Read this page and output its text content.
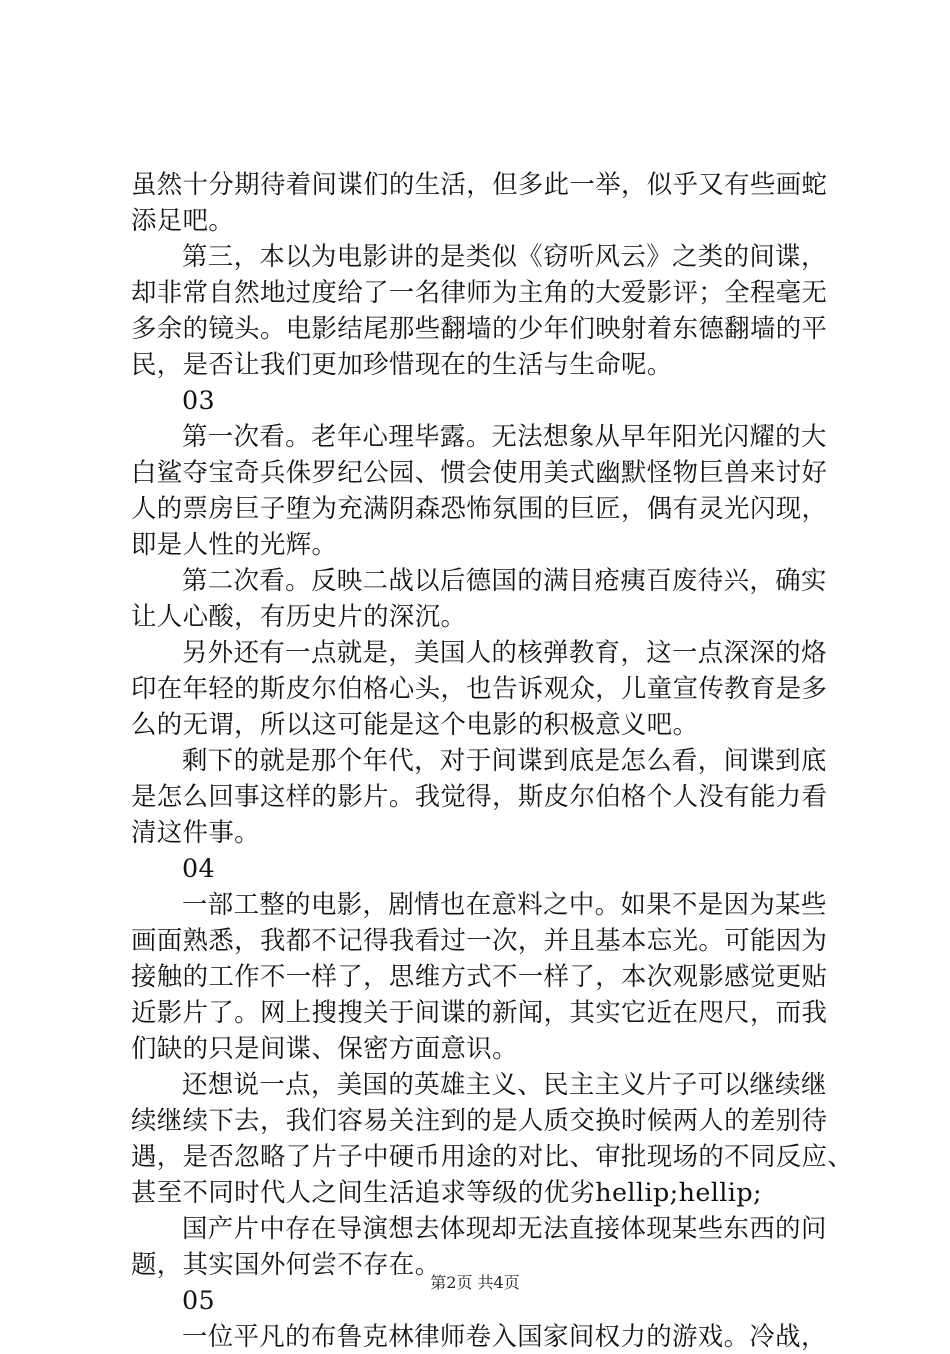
虽然十分期待着间谍们的生活，但多此一举，似乎又有些画蛇
添足吧。
第三，本以为电影讲的是类似《窃听风云》之类的间谍，
却非常自然地过度给了一名律师为主角的大爱影评；全程毫无
多余的镜头。电影结尾那些翻墙的少年们映射着东德翻墙的平
民，是否让我们更加珍惜现在的生活与生命呢。
03
第一次看。老年心理毕露。无法想象从早年阳光闪耀的大
白鲨夺宝奇兵侏罗纪公园、惯会使用美式幽默怪物巨兽来讨好
人的票房巨子堕为充满阴森恐怖氛围的巨匠，偶有灵光闪现，
即是人性的光辉。
第二次看。反映二战以后德国的满目疮痍百废待兴，确实
让人心酸，有历史片的深沉。
另外还有一点就是，美国人的核弹教育，这一点深深的烙
印在年轻的斯皮尔伯格心头，也告诉观众，儿童宣传教育是多
么的无谓，所以这可能是这个电影的积极意义吧。
剩下的就是那个年代，对于间谍到底是怎么看，间谍到底
是怎么回事这样的影片。我觉得，斯皮尔伯格个人没有能力看
清这件事。
04
一部工整的电影，剧情也在意料之中。如果不是因为某些
画面熟悉，我都不记得我看过一次，并且基本忘光。可能因为
接触的工作不一样了，思维方式不一样了，本次观影感觉更贴
近影片了。网上搜搜关于间谍的新闻，其实它近在咫尺，而我
们缺的只是间谍、保密方面意识。
还想说一点，美国的英雄主义、民主主义片子可以继续继
续继续下去，我们容易关注到的是人质交换时候两人的差别待
遇，是否忽略了片子中硬币用途的对比、审批现场的不同反应、
甚至不同时代人之间生活追求等级的优劣hellip;hellip;
国产片中存在导演想去体现却无法直接体现某些东西的问
题，其实国外何尝不存在。
05
一位平凡的布鲁克林律师卷入国家间权力的游戏。冷战，
第2页 共4页
